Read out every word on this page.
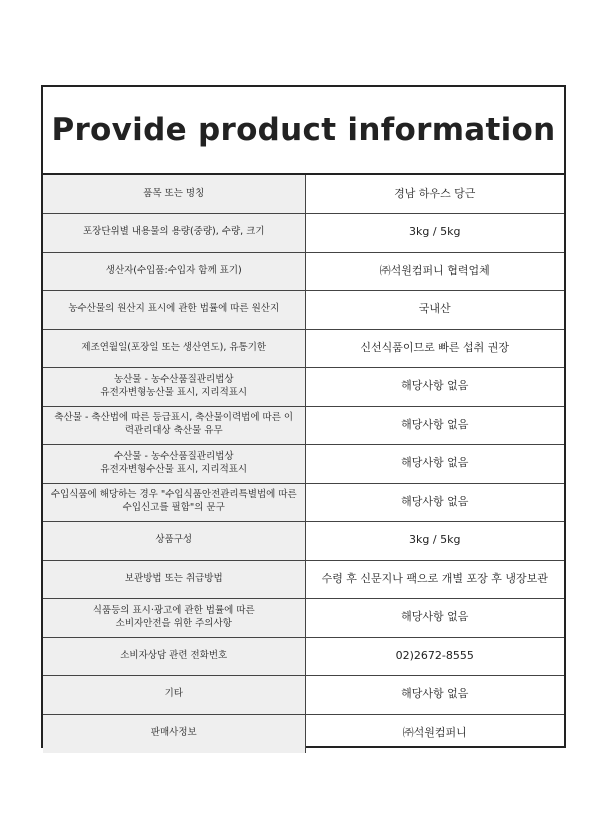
Provide product information
품목 또는 명칭	경남 하우스 당근

포장단위별 내용물의 용량(중량), 수량, 크기	3kg / 5kg

생산자(수입품:수입자 함께 표기)	㈜석원컴퍼니 협력업체

농수산물의 원산지 표시에 관한 법률에 따른 원산지	국내산

제조연월일(포장일 또는 생산연도), 유통기한	신선식품이므로 빠른 섭취 권장

농산물 - 농수산품질관리법상
유전자변형농산물 표시, 지리적표시	해당사항 없음

축산물 - 축산법에 따른 등급표시, 축산물이력법에 따른 이
력관리대상 축산물 유무	해당사항 없음

수산물 - 농수산품질관리법상
유전자변형수산물 표시, 지리적표시	해당사항 없음

수입식품에 해당하는 경우 "수입식품안전관리특별법에 따른
수입신고를 필함"의 문구	해당사항 없음

상품구성	3kg / 5kg

보관방법 또는 취급방법	수령 후 신문지나 팩으로 개별 포장 후 냉장보관

식품등의 표시·광고에 관한 법률에 따른
소비자안전을 위한 주의사항	해당사항 없음

소비자상담 관련 전화번호	02)2672-8555

기타	해당사항 없음

판매사정보	㈜석원컴퍼니
